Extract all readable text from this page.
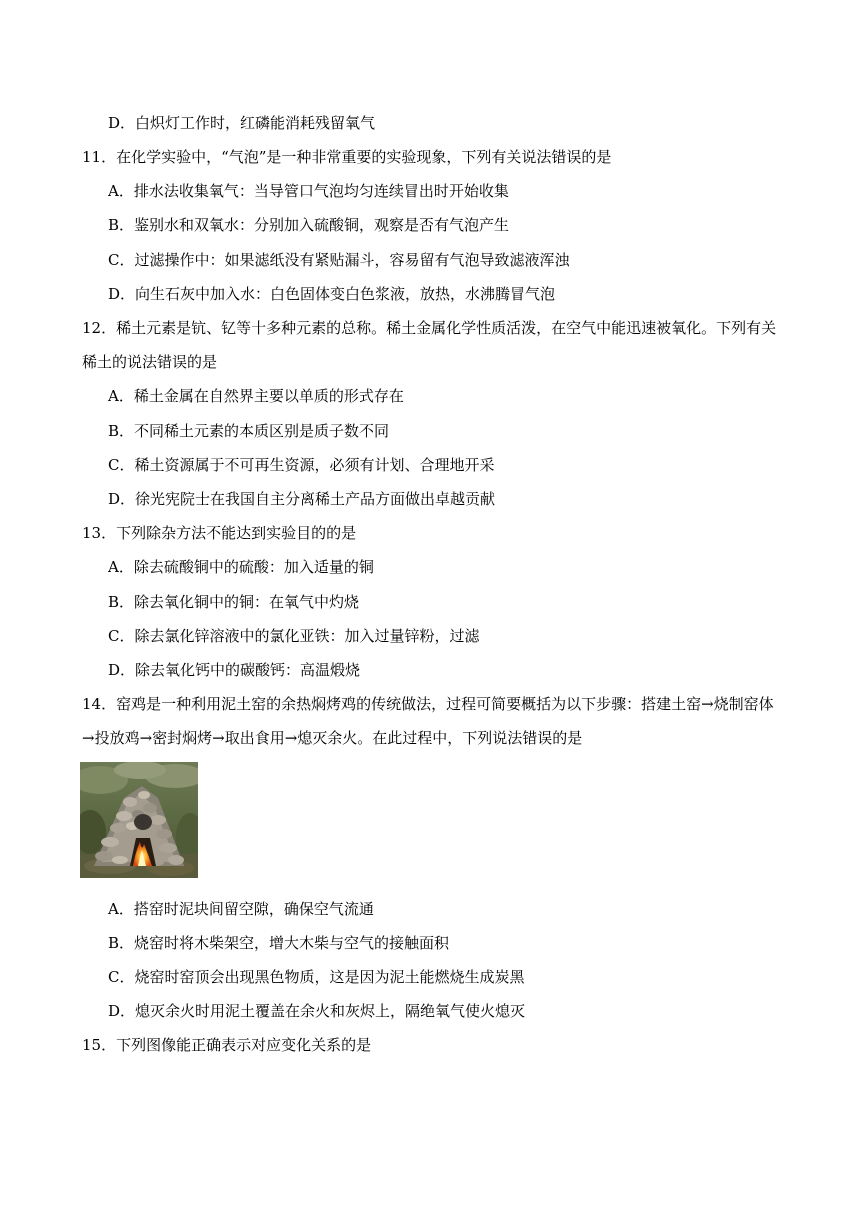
D．白炽灯工作时，红磷能消耗残留氧气
11．在化学实验中，“气泡”是一种非常重要的实验现象，下列有关说法错误的是
A．排水法收集氧气：当导管口气泡均匀连续冒出时开始收集
B．鉴别水和双氧水：分别加入硫酸铜，观察是否有气泡产生
C．过滤操作中：如果滤纸没有紧贴漏斗，容易留有气泡导致滤液浑浊
D．向生石灰中加入水：白色固体变白色浆液，放热，水沸腾冒气泡
12．稀土元素是钪、钇等十多种元素的总称。稀土金属化学性质活泼，在空气中能迅速被氧化。下列有关
稀土的说法错误的是
A．稀土金属在自然界主要以单质的形式存在
B．不同稀土元素的本质区别是质子数不同
C．稀土资源属于不可再生资源，必须有计划、合理地开采
D．徐光宪院士在我国自主分离稀土产品方面做出卓越贡献
13．下列除杂方法不能达到实验目的的是
A．除去硫酸铜中的硫酸：加入适量的铜
B．除去氧化铜中的铜：在氧气中灼烧
C．除去氯化锌溶液中的氯化亚铁：加入过量锌粉，过滤
D．除去氧化钙中的碳酸钙：高温煅烧
14．窑鸡是一种利用泥土窑的余热焖烤鸡的传统做法，过程可简要概括为以下步骤：搭建土窑→烧制窑体
→投放鸡→密封焖烤→取出食用→熄灭余火。在此过程中，下列说法错误的是
A．搭窑时泥块间留空隙，确保空气流通
B．烧窑时将木柴架空，增大木柴与空气的接触面积
C．烧窑时窑顶会出现黑色物质，这是因为泥土能燃烧生成炭黑
D．熄灭余火时用泥土覆盖在余火和灰烬上，隔绝氧气使火熄灭
15．下列图像能正确表示对应变化关系的是
